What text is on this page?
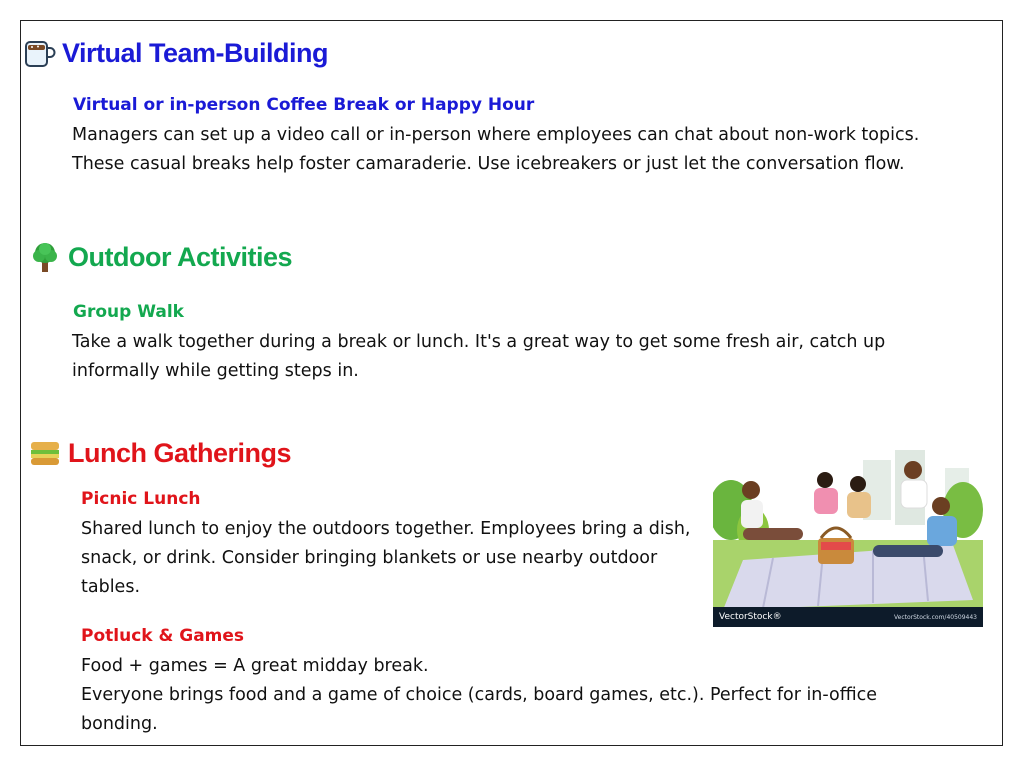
Virtual Team-Building
Virtual or in-person Coffee Break or Happy Hour
Managers can set up a video call or in-person where employees can chat about non-work topics.
These casual breaks help foster camaraderie. Use icebreakers or just let the conversation flow.
Outdoor Activities
Group Walk
Take a walk together during a break or lunch. It's a great way to get some fresh air, catch up
informally while getting steps in.
Lunch Gatherings
Picnic Lunch
Shared lunch to enjoy the outdoors together. Employees bring a dish,
snack, or drink. Consider bringing blankets or use nearby outdoor
tables.
Potluck & Games
Food + games = A great midday break.
Everyone brings food and a game of choice (cards, board games, etc.). Perfect for in-office
bonding.
VectorStock®	VectorStock.com/40509443
